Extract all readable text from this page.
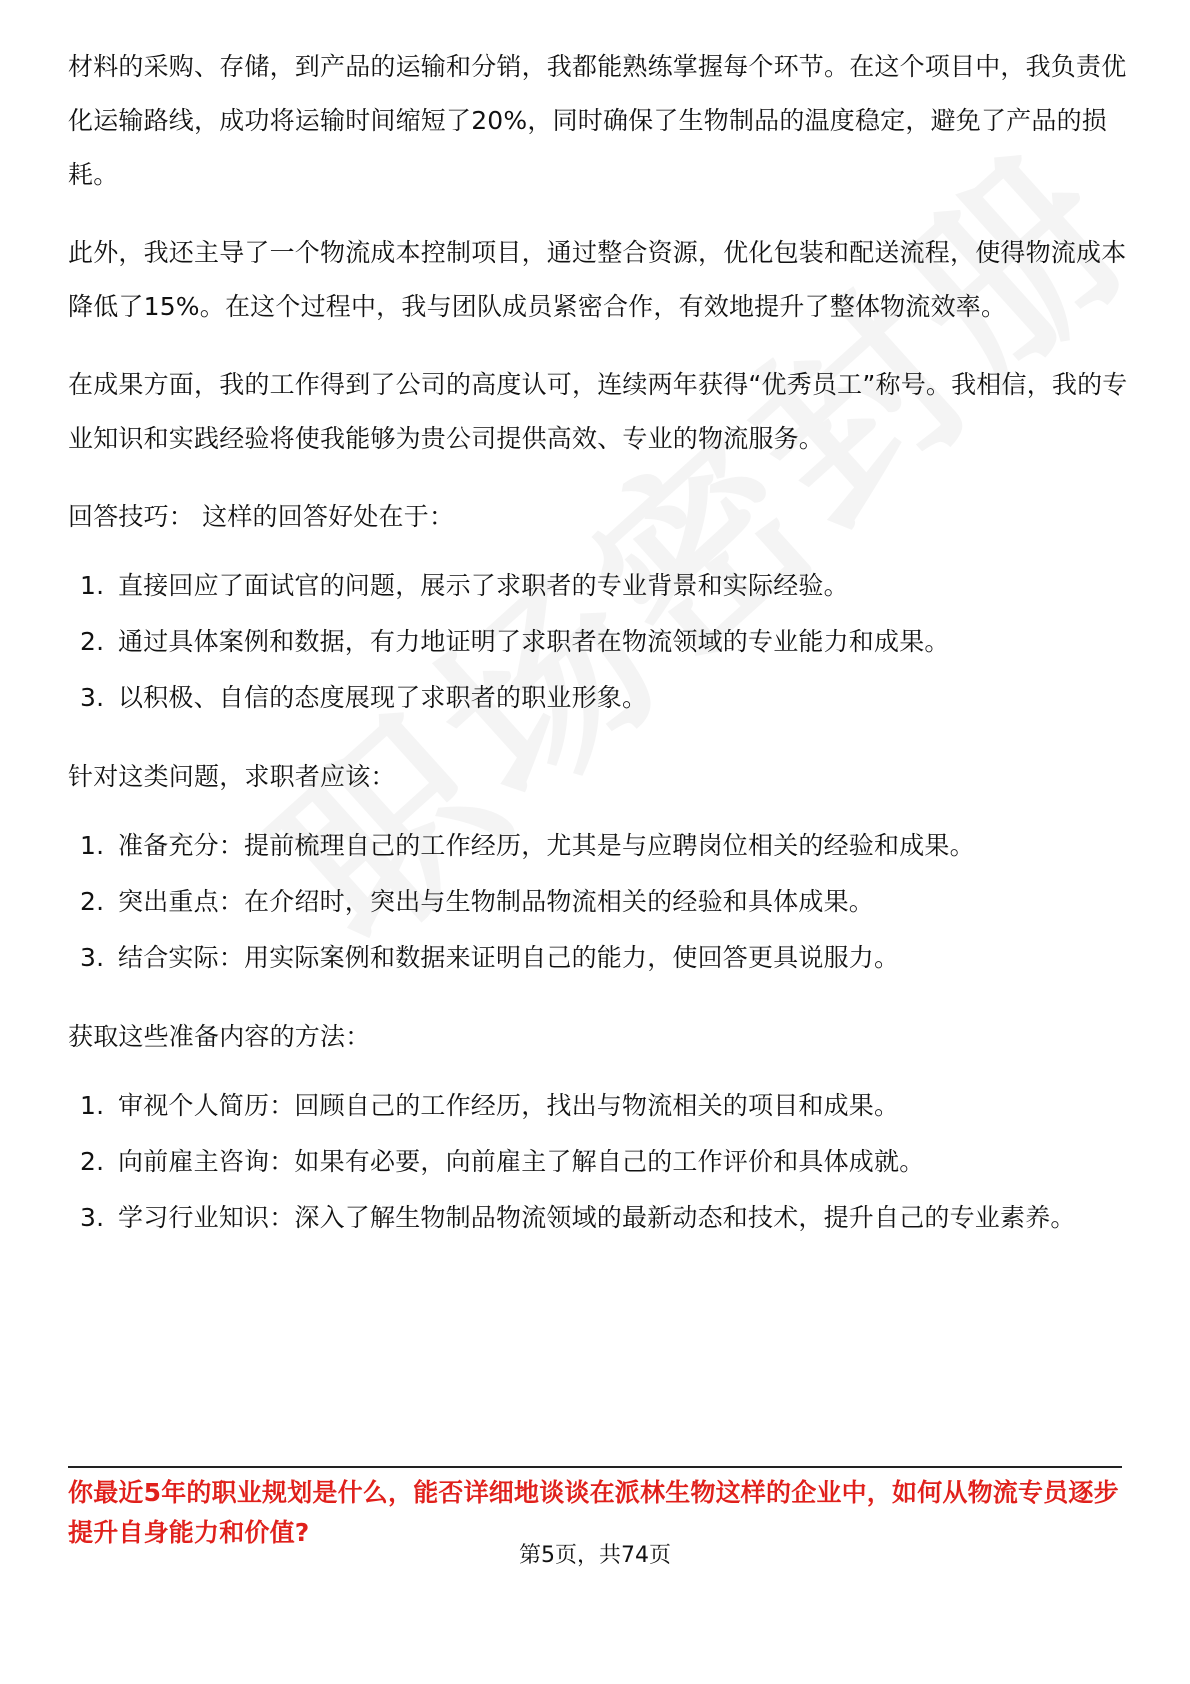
材料的采购、存储，到产品的运输和分销，我都能熟练掌握每个环节。在这个项目中，我负责优化运输路线，成功将运输时间缩短了20%，同时确保了生物制品的温度稳定，避免了产品的损耗。

此外，我还主导了一个物流成本控制项目，通过整合资源，优化包装和配送流程，使得物流成本降低了15%。在这个过程中，我与团队成员紧密合作，有效地提升了整体物流效率。

在成果方面，我的工作得到了公司的高度认可，连续两年获得“优秀员工”称号。我相信，我的专业知识和实践经验将使我能够为贵公司提供高效、专业的物流服务。

回答技巧： 这样的回答好处在于：

1. 直接回应了面试官的问题，展示了求职者的专业背景和实际经验。
2. 通过具体案例和数据，有力地证明了求职者在物流领域的专业能力和成果。
3. 以积极、自信的态度展现了求职者的职业形象。

针对这类问题，求职者应该：

1. 准备充分：提前梳理自己的工作经历，尤其是与应聘岗位相关的经验和成果。
2. 突出重点：在介绍时，突出与生物制品物流相关的经验和具体成果。
3. 结合实际：用实际案例和数据来证明自己的能力，使回答更具说服力。

获取这些准备内容的方法：

1. 审视个人简历：回顾自己的工作经历，找出与物流相关的项目和成果。
2. 向前雇主咨询：如果有必要，向前雇主了解自己的工作评价和具体成就。
3. 学习行业知识：深入了解生物制品物流领域的最新动态和技术，提升自己的专业素养。
你最近5年的职业规划是什么，能否详细地谈谈在派林生物这样的企业中，如何从物流专员逐步提升自身能力和价值?
第5页，共74页
